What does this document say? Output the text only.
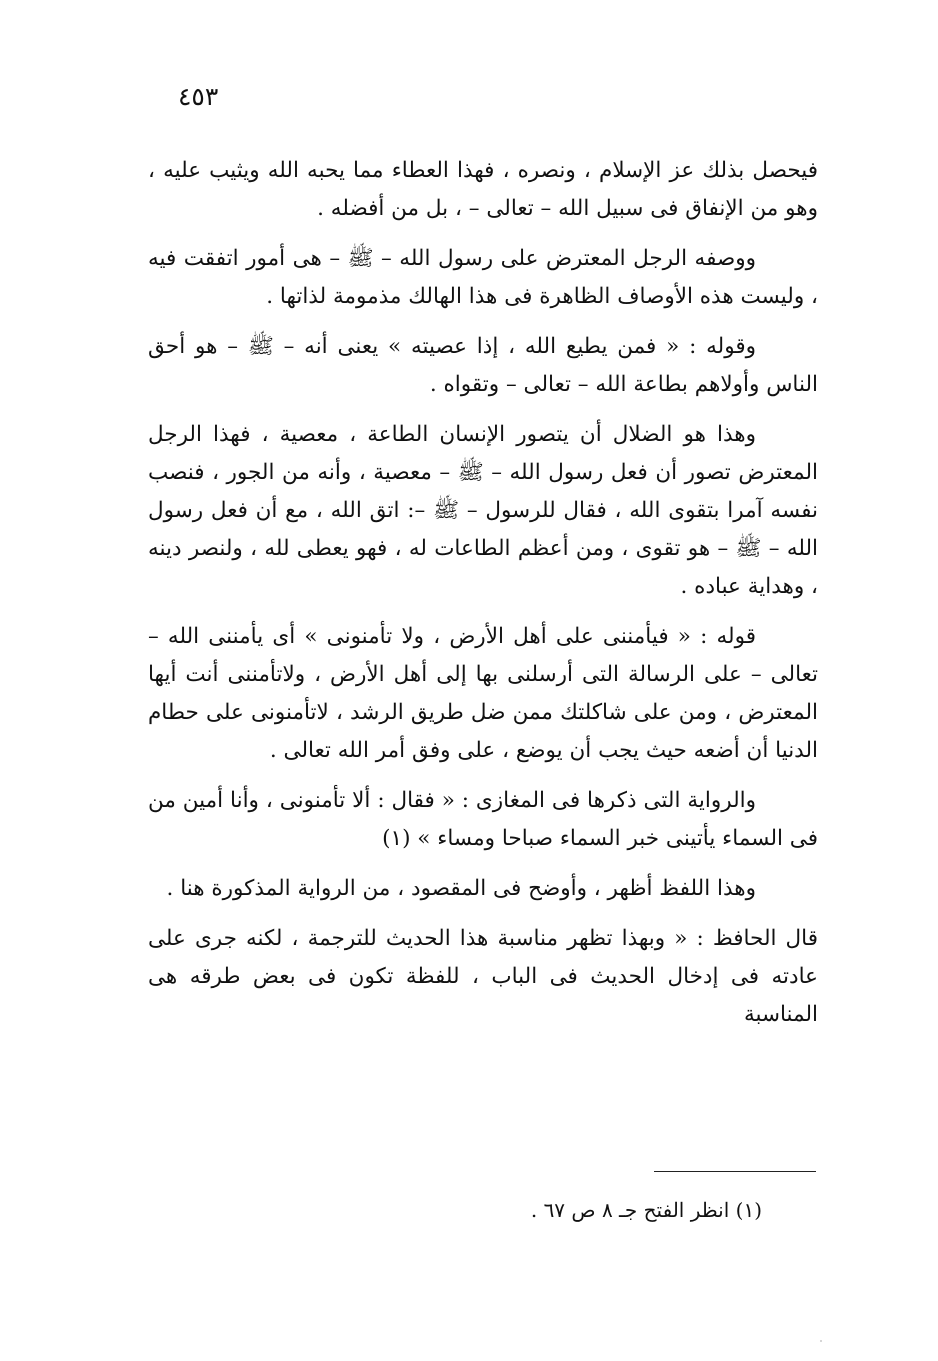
٤٥٣

فيحصل بذلك عز الإسلام ، ونصره ، فهذا العطاء مما يحبه الله ويثيب عليه ، وهو من الإنفاق فى سبيل الله – تعالى – ، بل من أفضله .

ووصفه الرجل المعترض على رسول الله – ﷺ – هى أمور اتفقت فيه ، وليست هذه الأوصاف الظاهرة فى هذا الهالك مذمومة لذاتها .

وقوله : « فمن يطيع الله ، إذا عصيته » يعنى أنه – ﷺ – هو أحق الناس وأولاهم بطاعة الله – تعالى – وتقواه .

وهذا هو الضلال أن يتصور الإنسان الطاعة ، معصية ، فهذا الرجل المعترض تصور أن فعل رسول الله – ﷺ – معصية ، وأنه من الجور ، فنصب نفسه آمرا بتقوى الله ، فقال للرسول – ﷺ –: اتق الله ، مع أن فعل رسول الله – ﷺ – هو تقوى ، ومن أعظم الطاعات له ، فهو يعطى لله ، ولنصر دينه ، وهداية عباده .

قوله : « فيأمننى على أهل الأرض ، ولا تأمنونى » أى يأمننى الله – تعالى – على الرسالة التى أرسلنى بها إلى أهل الأرض ، ولاتأمننى أنت أيها المعترض ، ومن على شاكلتك ممن ضل طريق الرشد ، لاتأمنونى على حطام الدنيا أن أضعه حيث يجب أن يوضع ، على وفق أمر الله تعالى .

والرواية التى ذكرها فى المغازى : « فقال : ألا تأمنونى ، وأنا أمين من فى السماء يأتينى خبر السماء صباحا ومساء » (١)

وهذا اللفظ أظهر ، وأوضح فى المقصود ، من الرواية المذكورة هنا .

قال الحافظ : « وبهذا تظهر مناسبة هذا الحديث للترجمة ، لكنه جرى على عادته فى إدخال الحديث فى الباب ، للفظة تكون فى بعض طرقه هى المناسبة

(١) انظر الفتح جـ ٨ ص ٦٧ .
